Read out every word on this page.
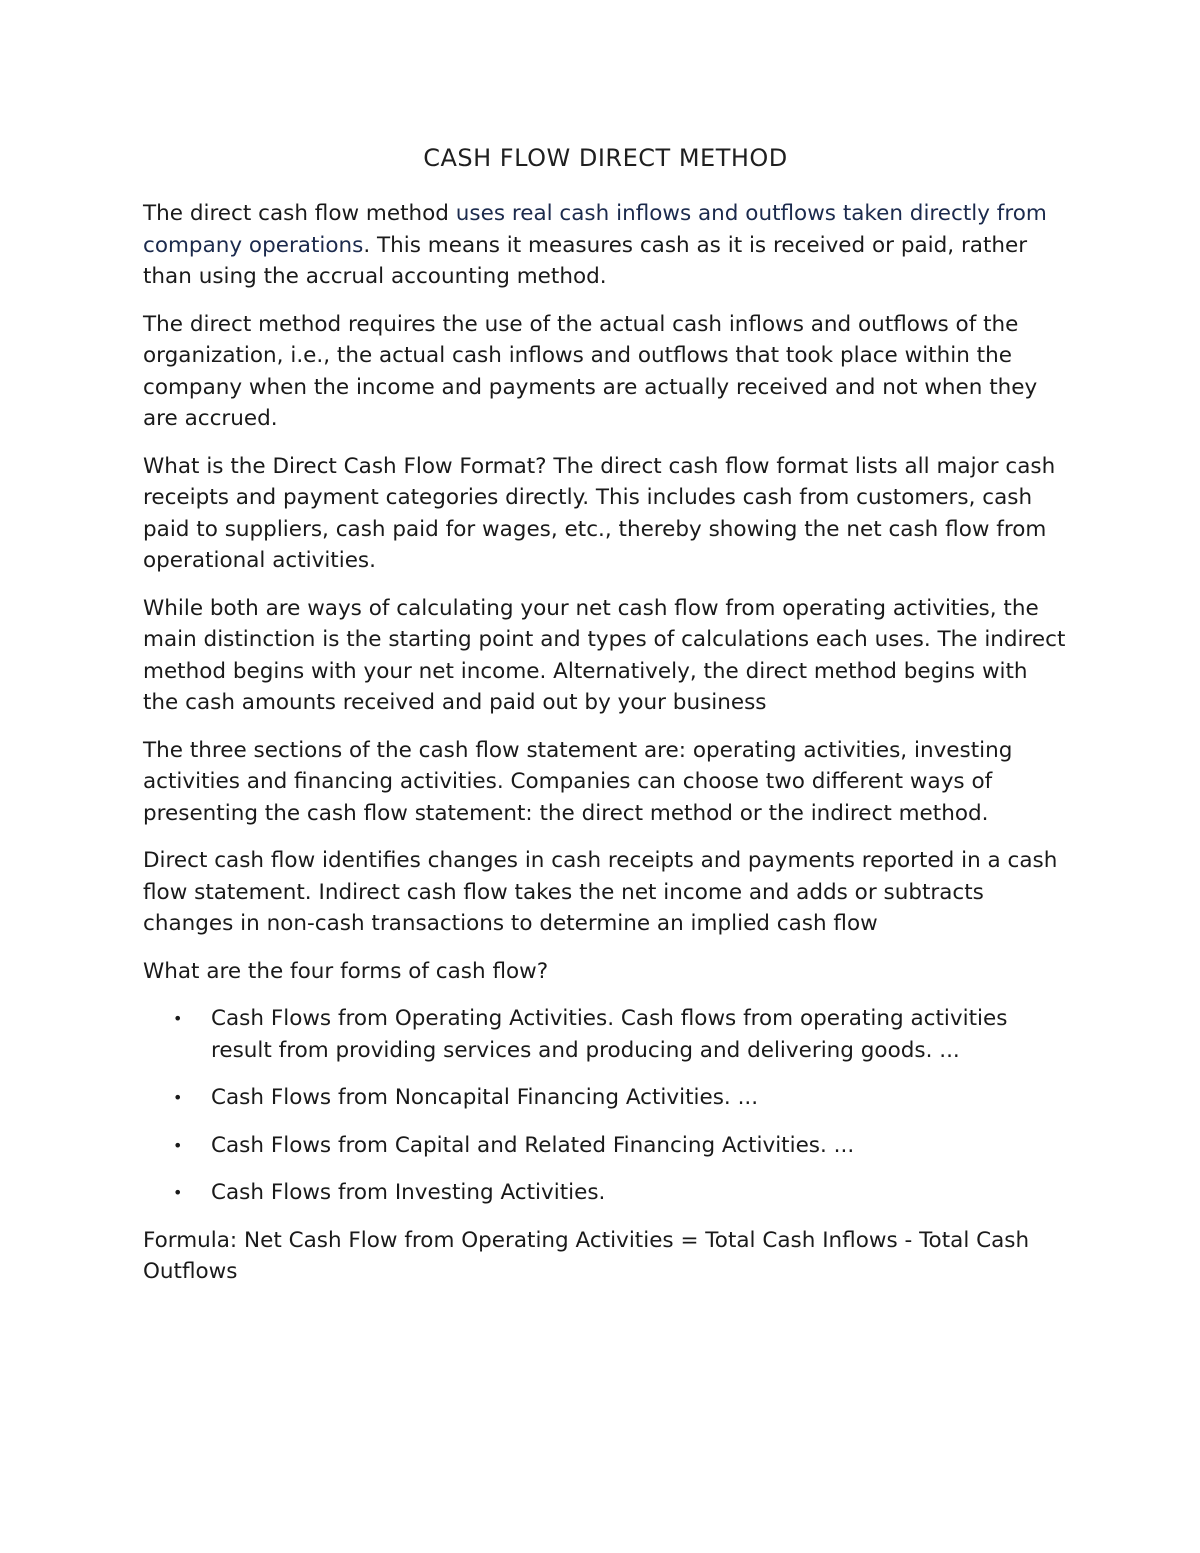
CASH FLOW DIRECT METHOD

The direct cash flow method uses real cash inflows and outflows taken directly from company operations. This means it measures cash as it is received or paid, rather than using the accrual accounting method.

The direct method requires the use of the actual cash inflows and outflows of the organization, i.e., the actual cash inflows and outflows that took place within the company when the income and payments are actually received and not when they are accrued.

What is the Direct Cash Flow Format? The direct cash flow format lists all major cash receipts and payment categories directly. This includes cash from customers, cash paid to suppliers, cash paid for wages, etc., thereby showing the net cash flow from operational activities.

While both are ways of calculating your net cash flow from operating activities, the main distinction is the starting point and types of calculations each uses. The indirect method begins with your net income. Alternatively, the direct method begins with the cash amounts received and paid out by your business

The three sections of the cash flow statement are: operating activities, investing activities and financing activities. Companies can choose two different ways of presenting the cash flow statement: the direct method or the indirect method.

Direct cash flow identifies changes in cash receipts and payments reported in a cash flow statement. Indirect cash flow takes the net income and adds or subtracts changes in non-cash transactions to determine an implied cash flow

What are the four forms of cash flow?

• Cash Flows from Operating Activities. Cash flows from operating activities result from providing services and producing and delivering goods. ...
• Cash Flows from Noncapital Financing Activities. ...
• Cash Flows from Capital and Related Financing Activities. ...
• Cash Flows from Investing Activities.

Formula: Net Cash Flow from Operating Activities = Total Cash Inflows - Total Cash Outflows
